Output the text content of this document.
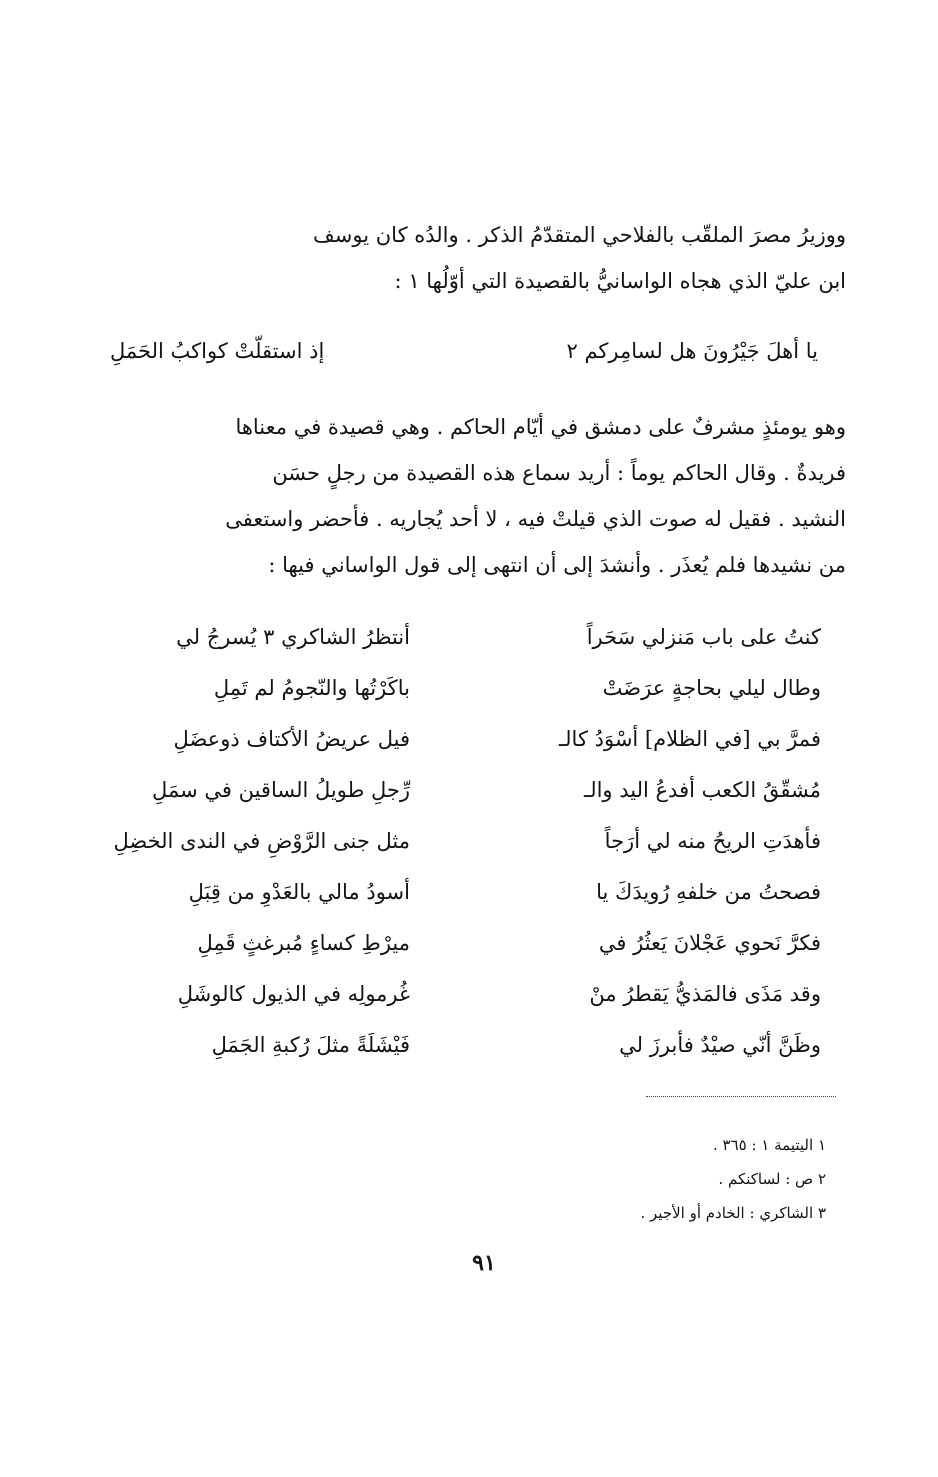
ووزيرُ مصرَ الملقّب بالفلاحي المتقدّمُ الذكر . والدُه كان يوسف
ابن عليّ الذي هجاه الواسانيُّ بالقصيدة التي أوّلُها ١ :
يا أهلَ جَيْرُونَ هل لسامِركم ٢
إذ استقلّتْ كواكبُ الحَمَلِ
وهو يومئذٍ مشرفٌ على دمشق في أيّام الحاكم . وهي قصيدة في معناها
فريدةٌ . وقال الحاكم يوماً : أريد سماع هذه القصيدة من رجلٍ حسَن
النشيد . فقيل له صوت الذي قيلتْ فيه ، لا أحد يُجاريه . فأحضر واستعفى
من نشيدها فلم يُعذَر . وأنشدَ إلى أن انتهى إلى قول الواساني فيها :
كنتُ على باب مَنزلي سَحَراً
أنتظرُ الشاكري ٣ يُسرجُ لي
وطال ليلي بحاجةٍ عرَضَتْ
باكَرْتُها والنّجومُ لم تَمِلِ
فمرَّ بي [في الظلام] أسْوَدُ كالـ
فيل عريضُ الأكتاف ذوعضَلِ
مُشقّقُ الكعب أفدعُ اليد والـ
رِّجلِ طويلُ الساقين في سمَلِ
فأهدَتِ الريحُ منه لي أرَجاً
مثل جنى الرَّوْضِ في الندى الخضِلِ
فصحتُ من خلفهِ رُويدَكَ يا
أسودُ مالي بالعَدْوِ من قِبَلِ
فكرَّ نَحوي عَجْلانَ يَعثُرُ في
ميرْطِ كساءٍ مُبرغثٍ قَمِلِ
وقد مَذَى فالمَذيُّ يَقطرُ منْ
غُرمولِه في الذيول كالوشَلِ
وظَنَّ أنّي صيْدٌ فأبرزَ لي
فَيْشَلَةً مثلَ رُكبةِ الجَمَلِ
١ اليتيمة ١ : ٣٦٥ .
٢ ص : لساكنكم .
٣ الشاكري : الخادم أو الأجير .
٩١
